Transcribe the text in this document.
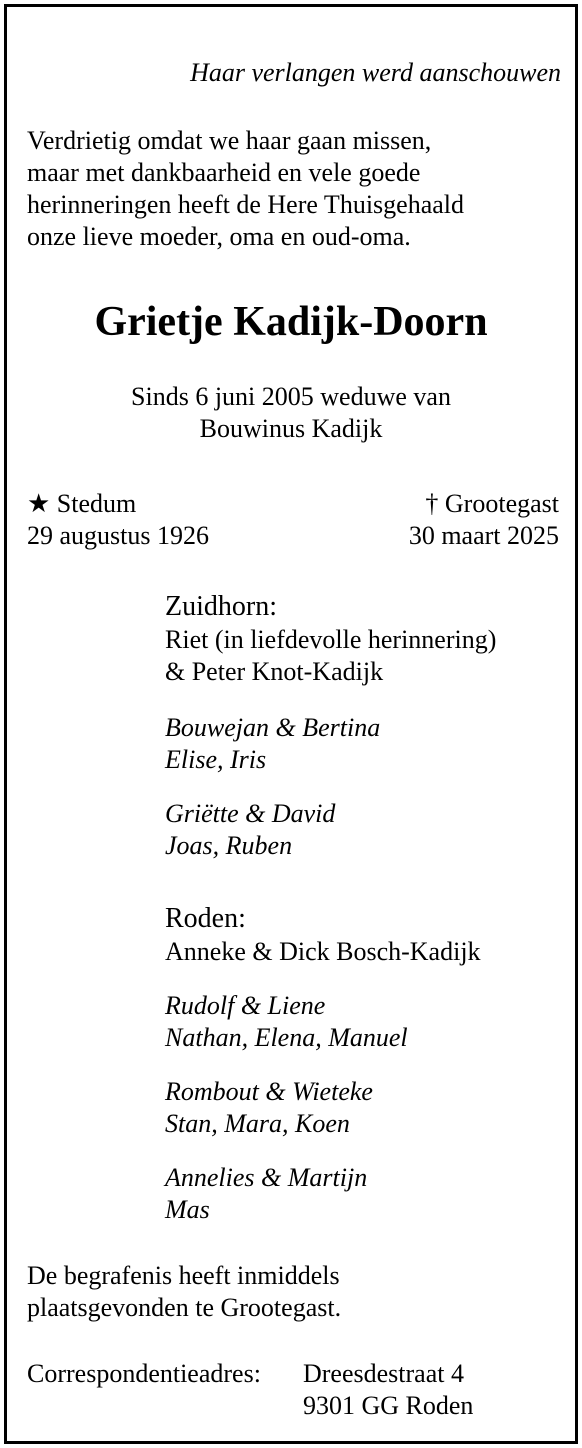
Haar verlangen werd aanschouwen
Verdrietig omdat we haar gaan missen,
maar met dankbaarheid en vele goede
herinneringen heeft de Here Thuisgehaald
onze lieve moeder, oma en oud-oma.
Grietje Kadijk-Doorn
Sinds 6 juni 2005 weduwe van
Bouwinus Kadijk
★ Stedum
29 augustus 1926
† Grootegast
30 maart 2025
Zuidhorn:
Riet (in liefdevolle herinnering)
& Peter Knot-Kadijk
Bouwejan & Bertina
Elise, Iris
Griëtte & David
Joas, Ruben
Roden:
Anneke & Dick Bosch-Kadijk
Rudolf & Liene
Nathan, Elena, Manuel
Rombout & Wieteke
Stan, Mara, Koen
Annelies & Martijn
Mas
De begrafenis heeft inmiddels
plaatsgevonden te Grootegast.
Correspondentieadres: Dreesdestraat 4
9301 GG Roden
